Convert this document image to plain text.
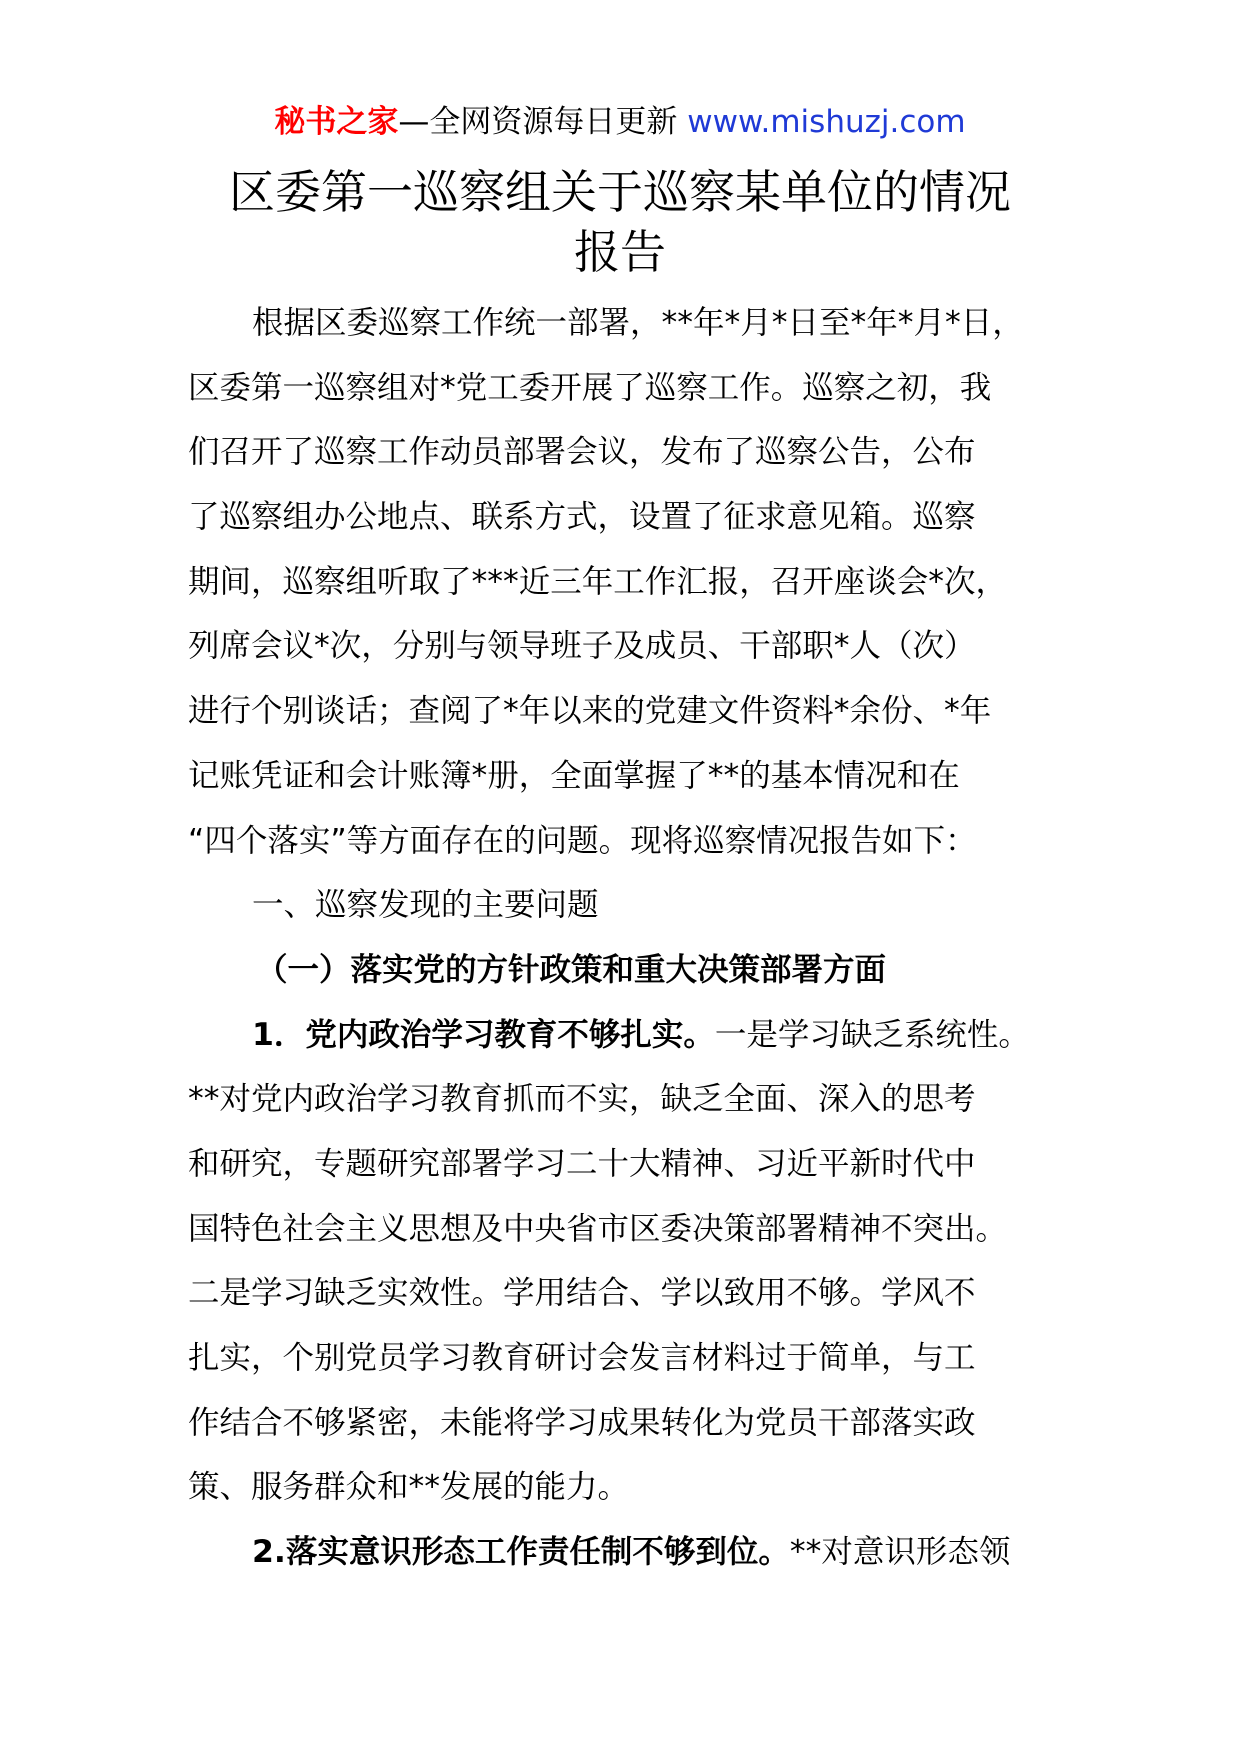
秘书之家—全网资源每日更新 www.mishuzj.com
区委第一巡察组关于巡察某单位的情况
报告
根据区委巡察工作统一部署，**年*月*日至*年*月*日，
区委第一巡察组对*党工委开展了巡察工作。巡察之初，我
们召开了巡察工作动员部署会议，发布了巡察公告，公布
了巡察组办公地点、联系方式，设置了征求意见箱。巡察
期间，巡察组听取了***近三年工作汇报，召开座谈会*次，
列席会议*次，分别与领导班子及成员、干部职*人（次）
进行个别谈话；查阅了*年以来的党建文件资料*余份、*年
记账凭证和会计账簿*册，全面掌握了**的基本情况和在
“四个落实”等方面存在的问题。现将巡察情况报告如下：
一、巡察发现的主要问题
（一）落实党的方针政策和重大决策部署方面
1．党内政治学习教育不够扎实。一是学习缺乏系统性。
**对党内政治学习教育抓而不实，缺乏全面、深入的思考
和研究，专题研究部署学习二十大精神、习近平新时代中
国特色社会主义思想及中央省市区委决策部署精神不突出。
二是学习缺乏实效性。学用结合、学以致用不够。学风不
扎实，个别党员学习教育研讨会发言材料过于简单，与工
作结合不够紧密，未能将学习成果转化为党员干部落实政
策、服务群众和**发展的能力。
2.落实意识形态工作责任制不够到位。**对意识形态领
